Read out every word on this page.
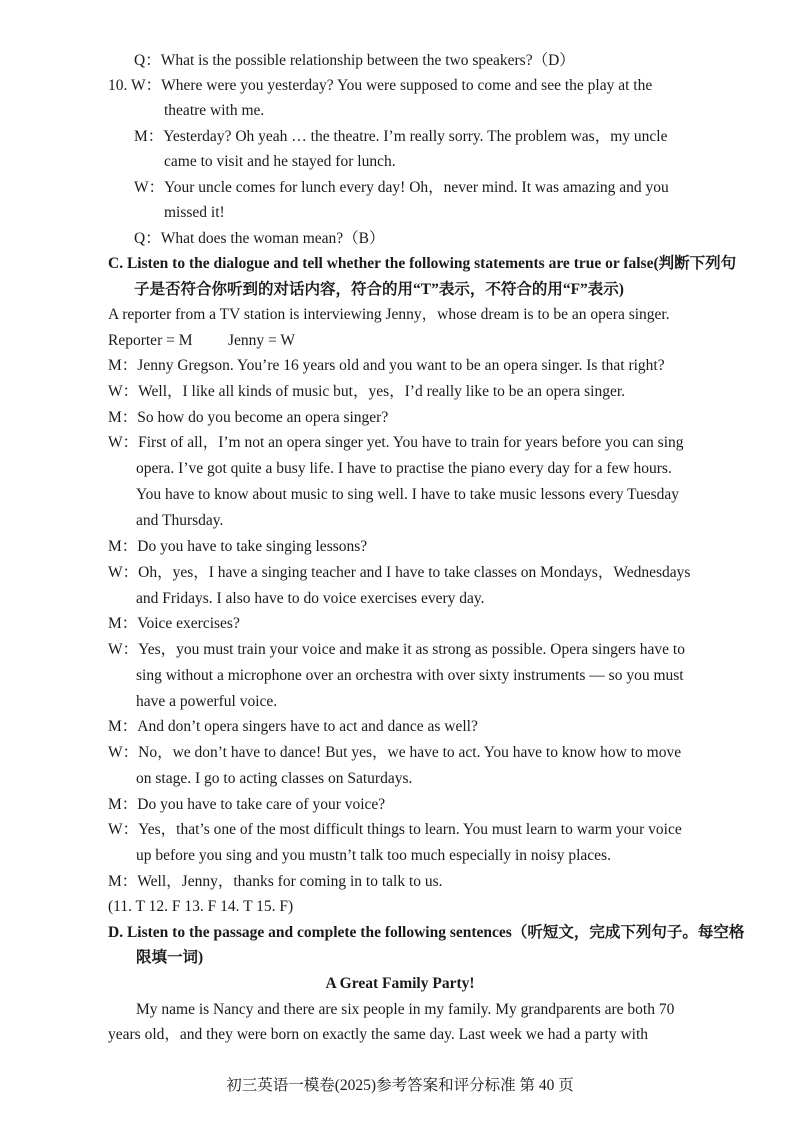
Q：What is the possible relationship between the two speakers?（D）
10. W：Where were you yesterday? You were supposed to come and see the play at the
theatre with me.
M：Yesterday? Oh yeah … the theatre. I’m really sorry. The problem was，my uncle
came to visit and he stayed for lunch.
W：Your uncle comes for lunch every day! Oh，never mind. It was amazing and you
missed it!
Q：What does the woman mean?（B）
C. Listen to the dialogue and tell whether the following statements are true or false(判断下列句
子是否符合你听到的对话内容，符合的用“T”表示，不符合的用“F”表示)
A reporter from a TV station is interviewing Jenny，whose dream is to be an opera singer.
Reporter = M Jenny = W
M：Jenny Gregson. You’re 16 years old and you want to be an opera singer. Is that right?
W：Well，I like all kinds of music but，yes，I’d really like to be an opera singer.
M：So how do you become an opera singer?
W：First of all，I’m not an opera singer yet. You have to train for years before you can sing
opera. I’ve got quite a busy life. I have to practise the piano every day for a few hours.
You have to know about music to sing well. I have to take music lessons every Tuesday
and Thursday.
M：Do you have to take singing lessons?
W：Oh，yes，I have a singing teacher and I have to take classes on Mondays，Wednesdays
and Fridays. I also have to do voice exercises every day.
M：Voice exercises?
W：Yes，you must train your voice and make it as strong as possible. Opera singers have to
sing without a microphone over an orchestra with over sixty instruments — so you must
have a powerful voice.
M：And don’t opera singers have to act and dance as well?
W：No，we don’t have to dance! But yes，we have to act. You have to know how to move
on stage. I go to acting classes on Saturdays.
M：Do you have to take care of your voice?
W：Yes，that’s one of the most difficult things to learn. You must learn to warm your voice
up before you sing and you mustn’t talk too much especially in noisy places.
M：Well，Jenny，thanks for coming in to talk to us.
(11. T 12. F 13. F 14. T 15. F)
D. Listen to the passage and complete the following sentences（听短文，完成下列句子。每空格
限填一词)
A Great Family Party!
My name is Nancy and there are six people in my family. My grandparents are both 70
years old，and they were born on exactly the same day. Last week we had a party with
初三英语一模卷(2025)参考答案和评分标准 第 40 页
